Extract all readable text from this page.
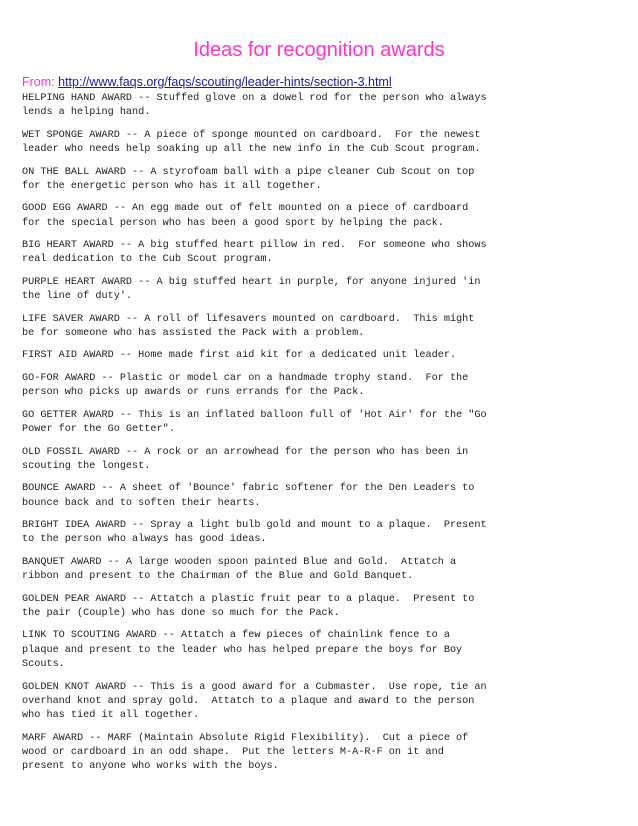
Ideas for recognition awards
From: http://www.faqs.org/faqs/scouting/leader-hints/section-3.html
HELPING HAND AWARD -- Stuffed glove on a dowel rod for the person who always
lends a helping hand.
WET SPONGE AWARD -- A piece of sponge mounted on cardboard.  For the newest
leader who needs help soaking up all the new info in the Cub Scout program.
ON THE BALL AWARD -- A styrofoam ball with a pipe cleaner Cub Scout on top
for the energetic person who has it all together.
GOOD EGG AWARD -- An egg made out of felt mounted on a piece of cardboard
for the special person who has been a good sport by helping the pack.
BIG HEART AWARD -- A big stuffed heart pillow in red.  For someone who shows
real dedication to the Cub Scout program.
PURPLE HEART AWARD -- A big stuffed heart in purple, for anyone injured 'in
the line of duty'.
LIFE SAVER AWARD -- A roll of lifesavers mounted on cardboard.  This might
be for someone who has assisted the Pack with a problem.
FIRST AID AWARD -- Home made first aid kit for a dedicated unit leader.
GO-FOR AWARD -- Plastic or model car on a handmade trophy stand.  For the
person who picks up awards or runs errands for the Pack.
GO GETTER AWARD -- This is an inflated balloon full of 'Hot Air' for the "Go
Power for the Go Getter".
OLD FOSSIL AWARD -- A rock or an arrowhead for the person who has been in
scouting the longest.
BOUNCE AWARD -- A sheet of 'Bounce' fabric softener for the Den Leaders to
bounce back and to soften their hearts.
BRIGHT IDEA AWARD -- Spray a light bulb gold and mount to a plaque.  Present
to the person who always has good ideas.
BANQUET AWARD -- A large wooden spoon painted Blue and Gold.  Attatch a
ribbon and present to the Chairman of the Blue and Gold Banquet.
GOLDEN PEAR AWARD -- Attatch a plastic fruit pear to a plaque.  Present to
the pair (Couple) who has done so much for the Pack.
LINK TO SCOUTING AWARD -- Attatch a few pieces of chainlink fence to a
plaque and present to the leader who has helped prepare the boys for Boy
Scouts.
GOLDEN KNOT AWARD -- This is a good award for a Cubmaster.  Use rope, tie an
overhand knot and spray gold.  Attatch to a plaque and award to the person
who has tied it all together.
MARF AWARD -- MARF (Maintain Absolute Rigid Flexibility).  Cut a piece of
wood or cardboard in an odd shape.  Put the letters M-A-R-F on it and
present to anyone who works with the boys.
